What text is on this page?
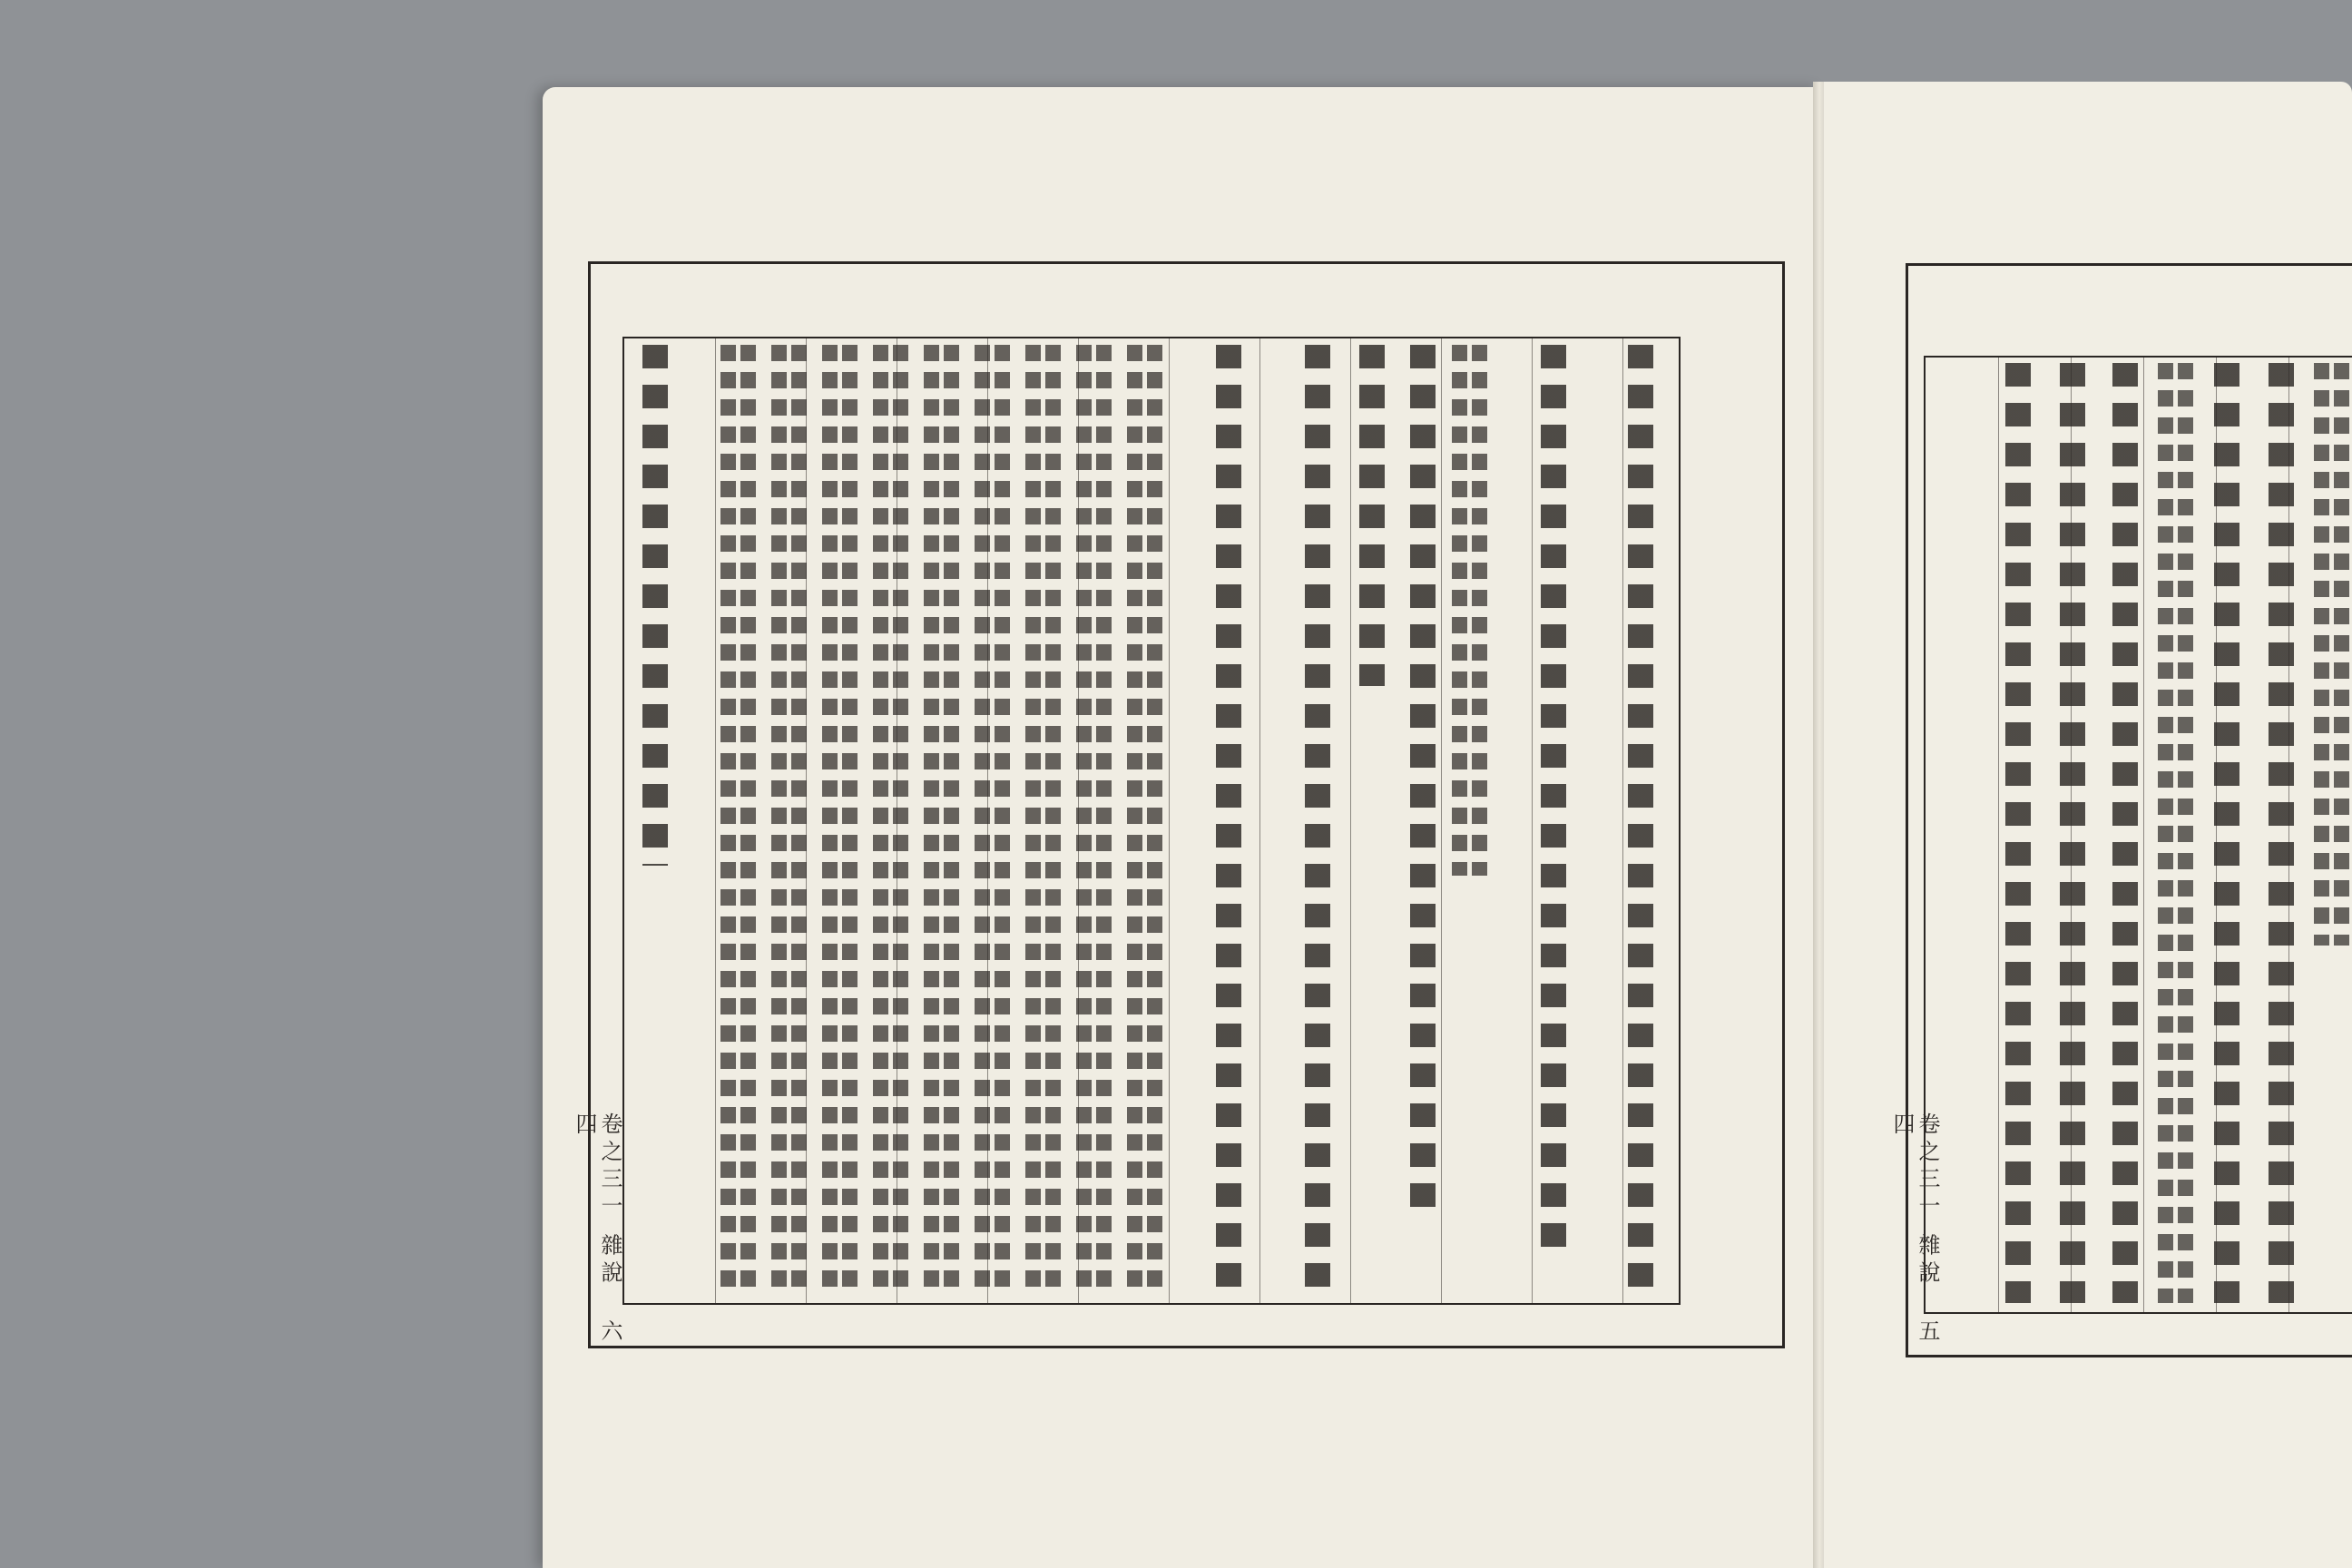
卷之三一 雜說四
六
卷之三一 雜說四
五
